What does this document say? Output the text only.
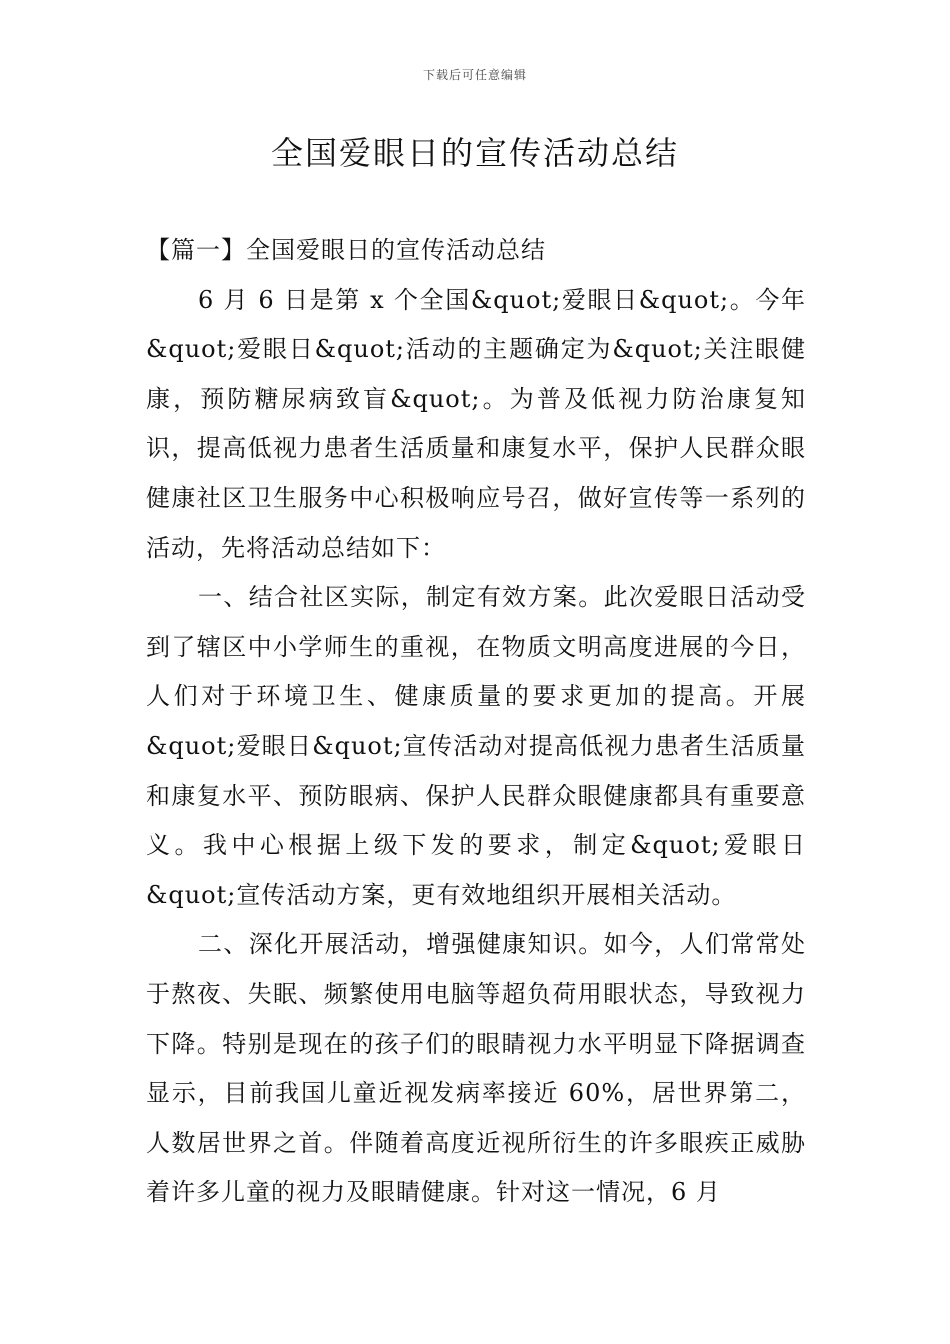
下载后可任意编辑
全国爱眼日的宣传活动总结

【篇一】全国爱眼日的宣传活动总结

6 月 6 日是第 x 个全国&quot;爱眼日&quot;。今年&quot;爱眼日&quot;活动的主题确定为&quot;关注眼健康，预防糖尿病致盲&quot;。为普及低视力防治康复知识，提高低视力患者生活质量和康复水平，保护人民群众眼健康社区卫生服务中心积极响应号召，做好宣传等一系列的活动，先将活动总结如下：

一、结合社区实际，制定有效方案。此次爱眼日活动受到了辖区中小学师生的重视，在物质文明高度进展的今日，人们对于环境卫生、健康质量的要求更加的提高。开展&quot;爱眼日&quot;宣传活动对提高低视力患者生活质量和康复水平、预防眼病、保护人民群众眼健康都具有重要意义。我中心根据上级下发的要求，制定&quot;爱眼日&quot;宣传活动方案，更有效地组织开展相关活动。

二、深化开展活动，增强健康知识。如今，人们常常处于熬夜、失眠、频繁使用电脑等超负荷用眼状态，导致视力下降。特别是现在的孩子们的眼睛视力水平明显下降据调查显示，目前我国儿童近视发病率接近 60%，居世界第二，人数居世界之首。伴随着高度近视所衍生的许多眼疾正威胁着许多儿童的视力及眼睛健康。针对这一情况，6 月
